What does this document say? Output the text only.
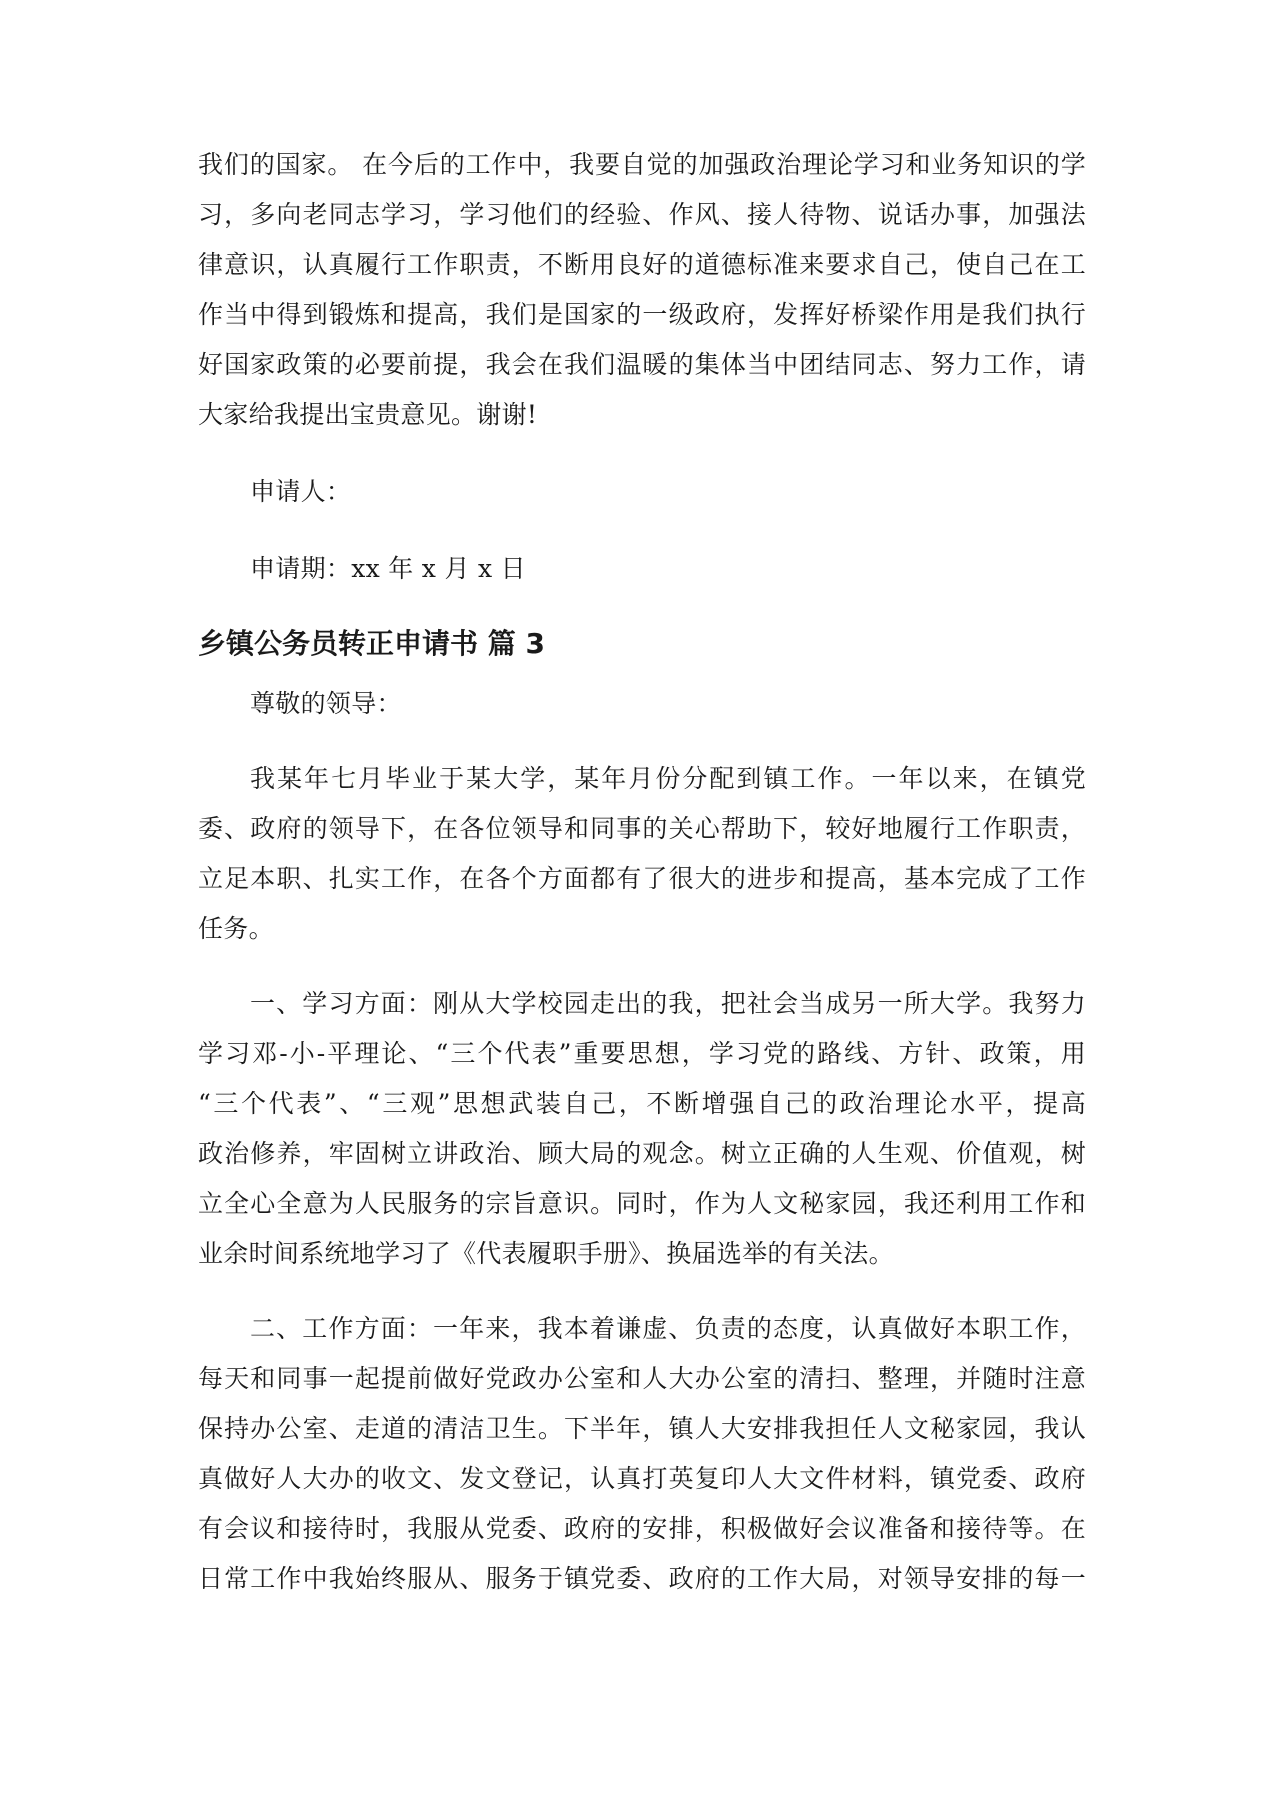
我们的国家。 在今后的工作中，我要自觉的加强政治理论学习和业务知识的学
习，多向老同志学习，学习他们的经验、作风、接人待物、说话办事，加强法
律意识，认真履行工作职责，不断用良好的道德标准来要求自己，使自己在工
作当中得到锻炼和提高，我们是国家的一级政府，发挥好桥梁作用是我们执行
好国家政策的必要前提，我会在我们温暖的集体当中团结同志、努力工作，请
大家给我提出宝贵意见。谢谢!
申请人：
申请期：xx 年 x 月 x 日
乡镇公务员转正申请书 篇 3
尊敬的领导：
我某年七月毕业于某大学，某年月份分配到镇工作。一年以来，在镇党
委、政府的领导下，在各位领导和同事的关心帮助下，较好地履行工作职责，
立足本职、扎实工作，在各个方面都有了很大的进步和提高，基本完成了工作
任务。
一、学习方面：刚从大学校园走出的我，把社会当成另一所大学。我努力
学习邓-小-平理论、“三个代表”重要思想，学习党的路线、方针、政策，用
“三个代表”、“三观”思想武装自己，不断增强自己的政治理论水平，提高
政治修养，牢固树立讲政治、顾大局的观念。树立正确的人生观、价值观，树
立全心全意为人民服务的宗旨意识。同时，作为人文秘家园，我还利用工作和
业余时间系统地学习了《代表履职手册》、换届选举的有关法。
二、工作方面：一年来，我本着谦虚、负责的态度，认真做好本职工作，
每天和同事一起提前做好党政办公室和人大办公室的清扫、整理，并随时注意
保持办公室、走道的清洁卫生。下半年，镇人大安排我担任人文秘家园，我认
真做好人大办的收文、发文登记，认真打英复印人大文件材料，镇党委、政府
有会议和接待时，我服从党委、政府的安排，积极做好会议准备和接待等。在
日常工作中我始终服从、服务于镇党委、政府的工作大局，对领导安排的每一
